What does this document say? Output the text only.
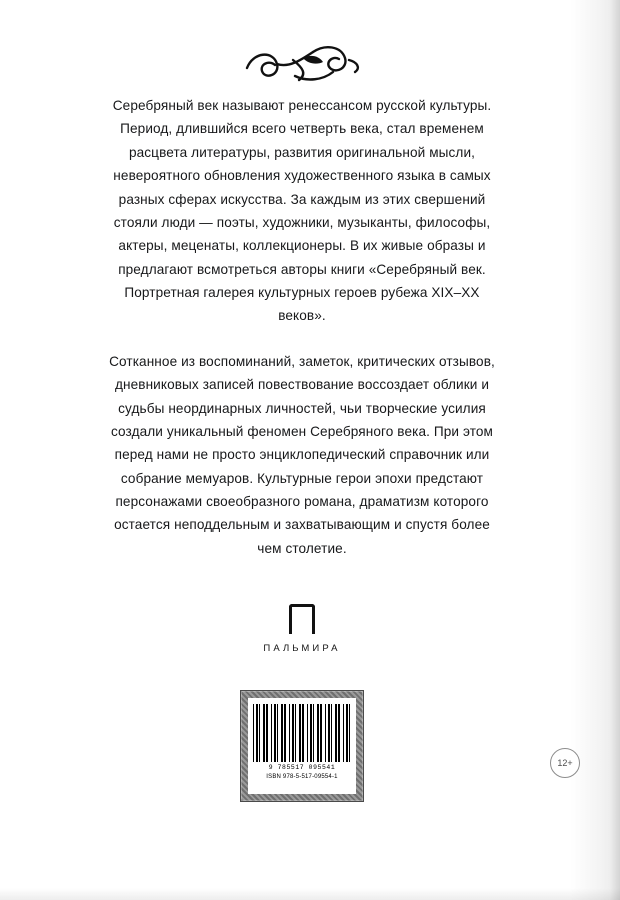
Серебряный век называют ренессансом русской культуры. Период, длившийся всего четверть века, стал временем расцвета литературы, развития оригинальной мысли, невероятного обновления художественного языка в самых разных сферах искусства. За каждым из этих свершений стояли люди — поэты, художники, музыканты, философы, актеры, меценаты, коллекционеры. В их живые образы и предлагают всмотреться авторы книги «Серебряный век. Портретная галерея культурных героев рубежа XIX–XX веков».

Сотканное из воспоминаний, заметок, критических отзывов, дневниковых записей повествование воссоздает облики и судьбы неординарных личностей, чьи творческие усилия создали уникальный феномен Серебряного века. При этом перед нами не просто энциклопедический справочник или собрание мемуаров. Культурные герои эпохи предстают персонажами своеобразного романа, драматизм которого остается неподдельным и захватывающим и спустя более чем столетие.

ПАЛЬМИРА
9 785517 095541
ISBN 978-5-517-09554-1
12+
